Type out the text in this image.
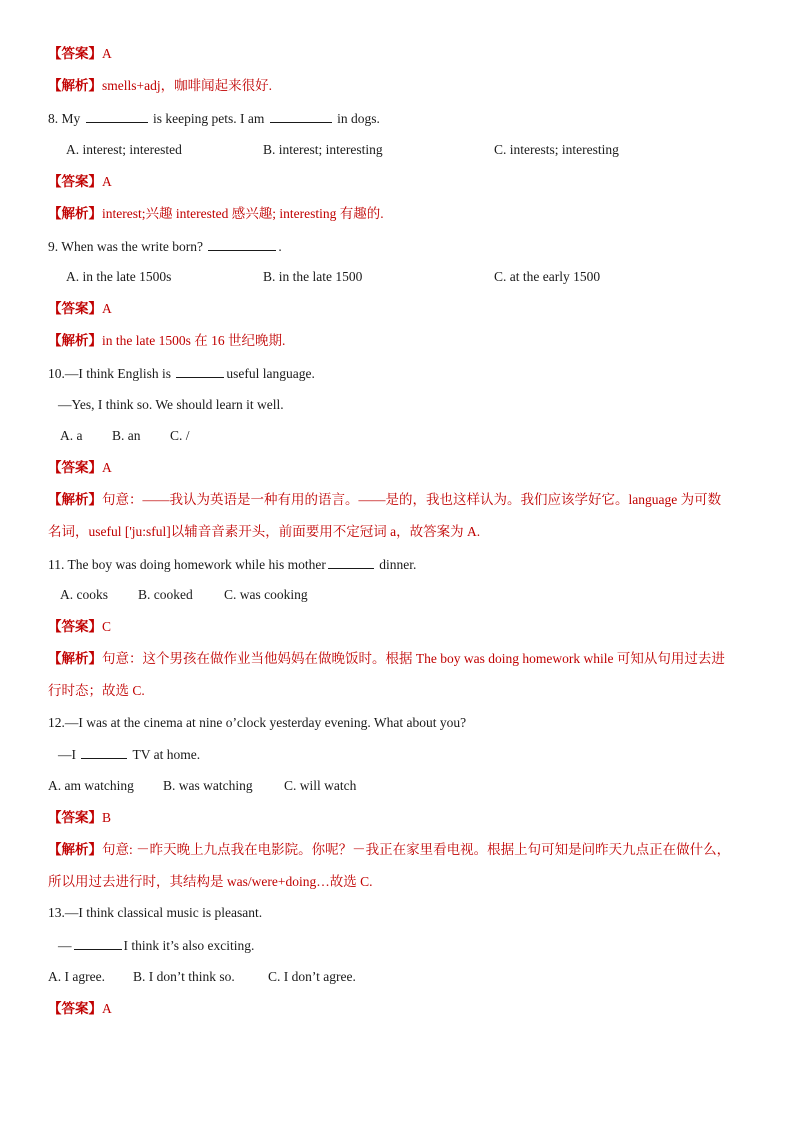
【答案】A
【解析】smells+adj，咖啡闻起来很好.
8. My	is keeping pets. I am	in dogs.
A. interest; interested	B. interest; interesting	C. interests; interesting
【答案】A
【解析】interest;兴趣 interested 感兴趣; interesting 有趣的.
9. When was the write born?	.
A. in the late 1500s	B. in the late 1500	C. at the early 1500
【答案】A
【解析】in the late 1500s 在 16 世纪晚期.
10.—I think English is	useful language.
—Yes, I think so. We should learn it well.
A. a B. an C. /
【答案】A
【解析】句意：——我认为英语是一种有用的语言。——是的，我也这样认为。我们应该学好它。language 为可数
名词，useful ['ju:sful]以辅音音素开头，前面要用不定冠词 a，故答案为 A.
11. The boy was doing homework while his mother	dinner.
A. cooks B. cooked C. was cooking
【答案】C
【解析】句意：这个男孩在做作业当他妈妈在做晚饭时。根据 The boy was doing homework while 可知从句用过去进
行时态；故选 C.
12.—I was at the cinema at nine o’clock yesterday evening. What about you?
—I	TV at home.
A. am watching B. was watching C. will watch
【答案】B
【解析】句意: －昨天晚上九点我在电影院。你呢？－我正在家里看电视。根据上句可知是问昨天九点正在做什么，
所以用过去进行时，其结构是 was/were+doing…故选 C.
13.—I think classical music is pleasant.
—	I think it’s also exciting.
A. I agree. B. I don’t think so. C. I don’t agree.
【答案】A
